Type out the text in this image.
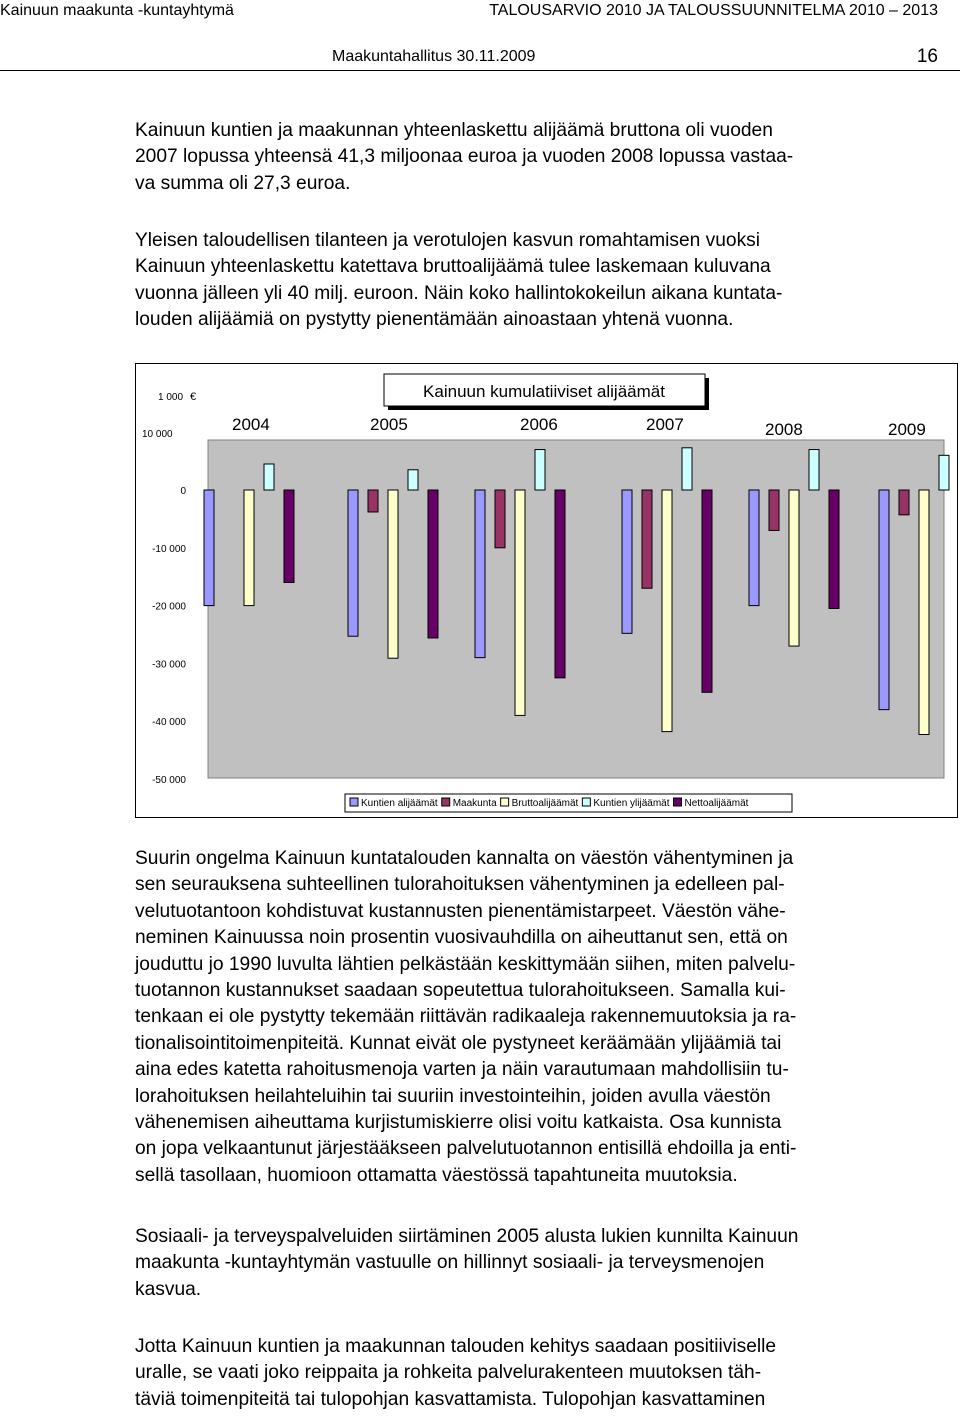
Kainuun maakunta -kuntayhtymä	TALOUSARVIO 2010 JA TALOUSSUUNNITELMA 2010 – 2013
Maakuntahallitus 30.11.2009	16

Kainuun kuntien ja maakunnan yhteenlaskettu alijäämä bruttona oli vuoden
2007 lopussa yhteensä 41,3 miljoonaa euroa ja vuoden 2008 lopussa vastaa-
va summa oli 27,3 euroa.

Yleisen taloudellisen tilanteen ja verotulojen kasvun romahtamisen vuoksi
Kainuun yhteenlaskettu katettava bruttoalijäämä tulee laskemaan kuluvana
vuonna jälleen yli 40 milj. euroon. Näin koko hallintokokeilun aikana kuntata-
louden alijäämiä on pystytty pienentämään ainoastaan yhtenä vuonna.

1 000 €
10 000
Kainuun kumulatiiviset alijäämät
0
-10 000
-20 000
-30 000
-40 000
-50 000
2004	2005	2006	2007	2008	2009
Kuntien alijäämät Maakunta Bruttoalijäämät Kuntien ylijäämät Nettoalijäämät

Suurin ongelma Kainuun kuntatalouden kannalta on väestön vähentyminen ja
sen seurauksena suhteellinen tulorahoituksen vähentyminen ja edelleen pal-
velutuotantoon kohdistuvat kustannusten pienentämistarpeet. Väestön vähe-
neminen Kainuussa noin prosentin vuosivauhdilla on aiheuttanut sen, että on
jouduttu jo 1990 luvulta lähtien pelkästään keskittymään siihen, miten palvelu-
tuotannon kustannukset saadaan sopeutettua tulorahoitukseen. Samalla kui-
tenkaan ei ole pystytty tekemään riittävän radikaaleja rakennemuutoksia ja ra-
tionalisointitoimenpiteitä. Kunnat eivät ole pystyneet keräämään ylijäämiä tai
aina edes katetta rahoitusmenoja varten ja näin varautumaan mahdollisiin tu-
lorahoituksen heilahteluihin tai suuriin investointeihin, joiden avulla väestön
vähenemisen aiheuttama kurjistumiskierre olisi voitu katkaista. Osa kunnista
on jopa velkaantunut järjestääkseen palvelutuotannon entisillä ehdoilla ja enti-
sellä tasollaan, huomioon ottamatta väestössä tapahtuneita muutoksia.

Sosiaali- ja terveyspalveluiden siirtäminen 2005 alusta lukien kunnilta Kainuun
maakunta -kuntayhtymän vastuulle on hillinnyt sosiaali- ja terveysmenojen
kasvua.

Jotta Kainuun kuntien ja maakunnan talouden kehitys saadaan positiiviselle
uralle, se vaati joko reippaita ja rohkeita palvelurakenteen muutoksen täh-
täviä toimenpiteitä tai tulopohjan kasvattamista. Tulopohjan kasvattaminen
